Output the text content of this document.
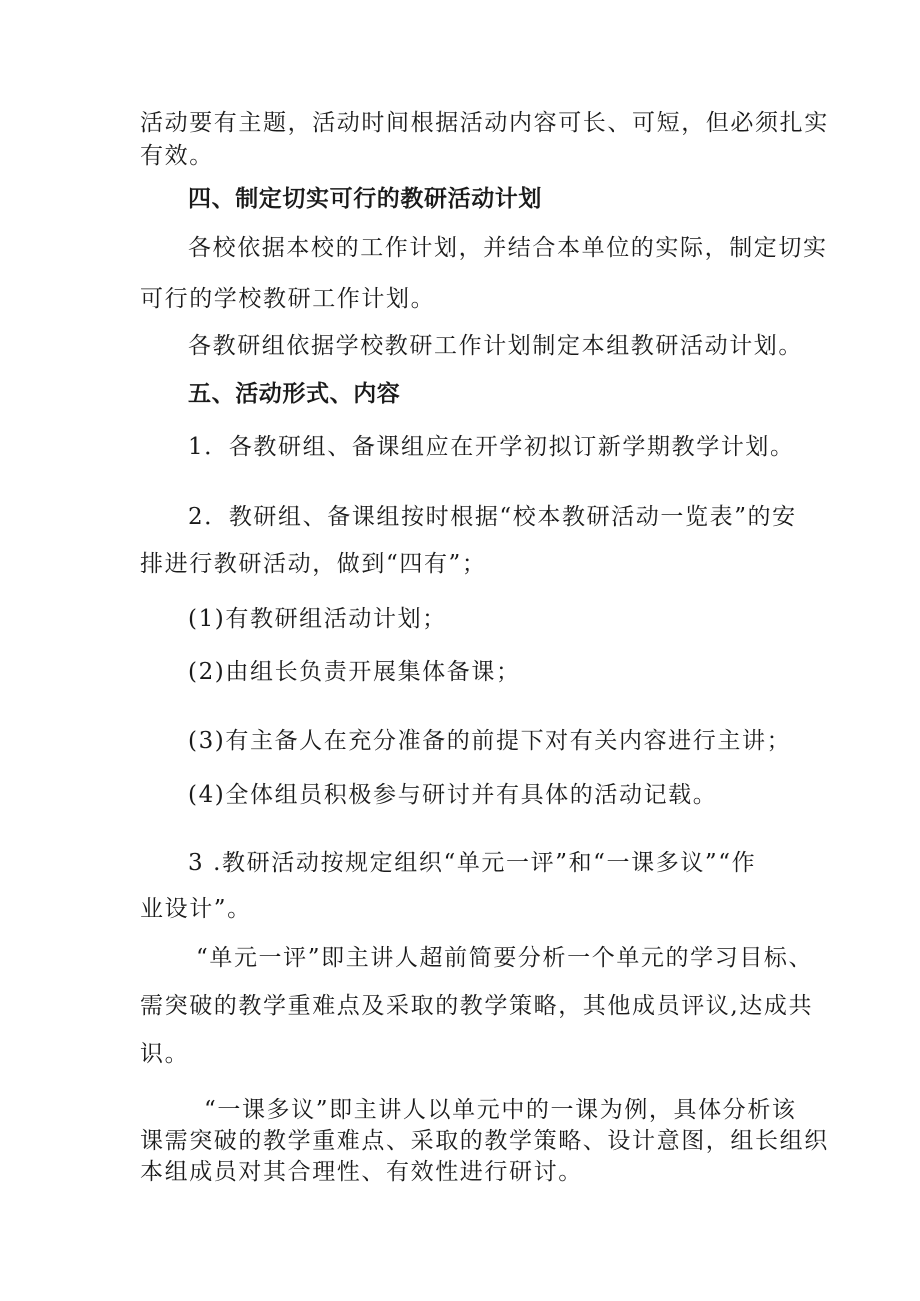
活动要有主题，活动时间根据活动内容可长、可短，但必须扎实

有效。

四、制定切实可行的教研活动计划

各校依据本校的工作计划，并结合本单位的实际，制定切实

可行的学校教研工作计划。

各教研组依据学校教研工作计划制定本组教研活动计划。

五、活动形式、内容

1．各教研组、备课组应在开学初拟订新学期教学计划。

2．教研组、备课组按时根据“校本教研活动一览表”的安

排进行教研活动，做到“四有”；

(1)有教研组活动计划；

(2)由组长负责开展集体备课；

(3)有主备人在充分准备的前提下对有关内容进行主讲；

(4)全体组员积极参与研讨并有具体的活动记载。

3 .教研活动按规定组织“单元一评”和“一课多议”“作

业设计”。

“单元一评”即主讲人超前简要分析一个单元的学习目标、

需突破的教学重难点及采取的教学策略，其他成员评议,达成共

识。

“一课多议”即主讲人以单元中的一课为例，具体分析该

课需突破的教学重难点、采取的教学策略、设计意图，组长组织

本组成员对其合理性、有效性进行研讨。
